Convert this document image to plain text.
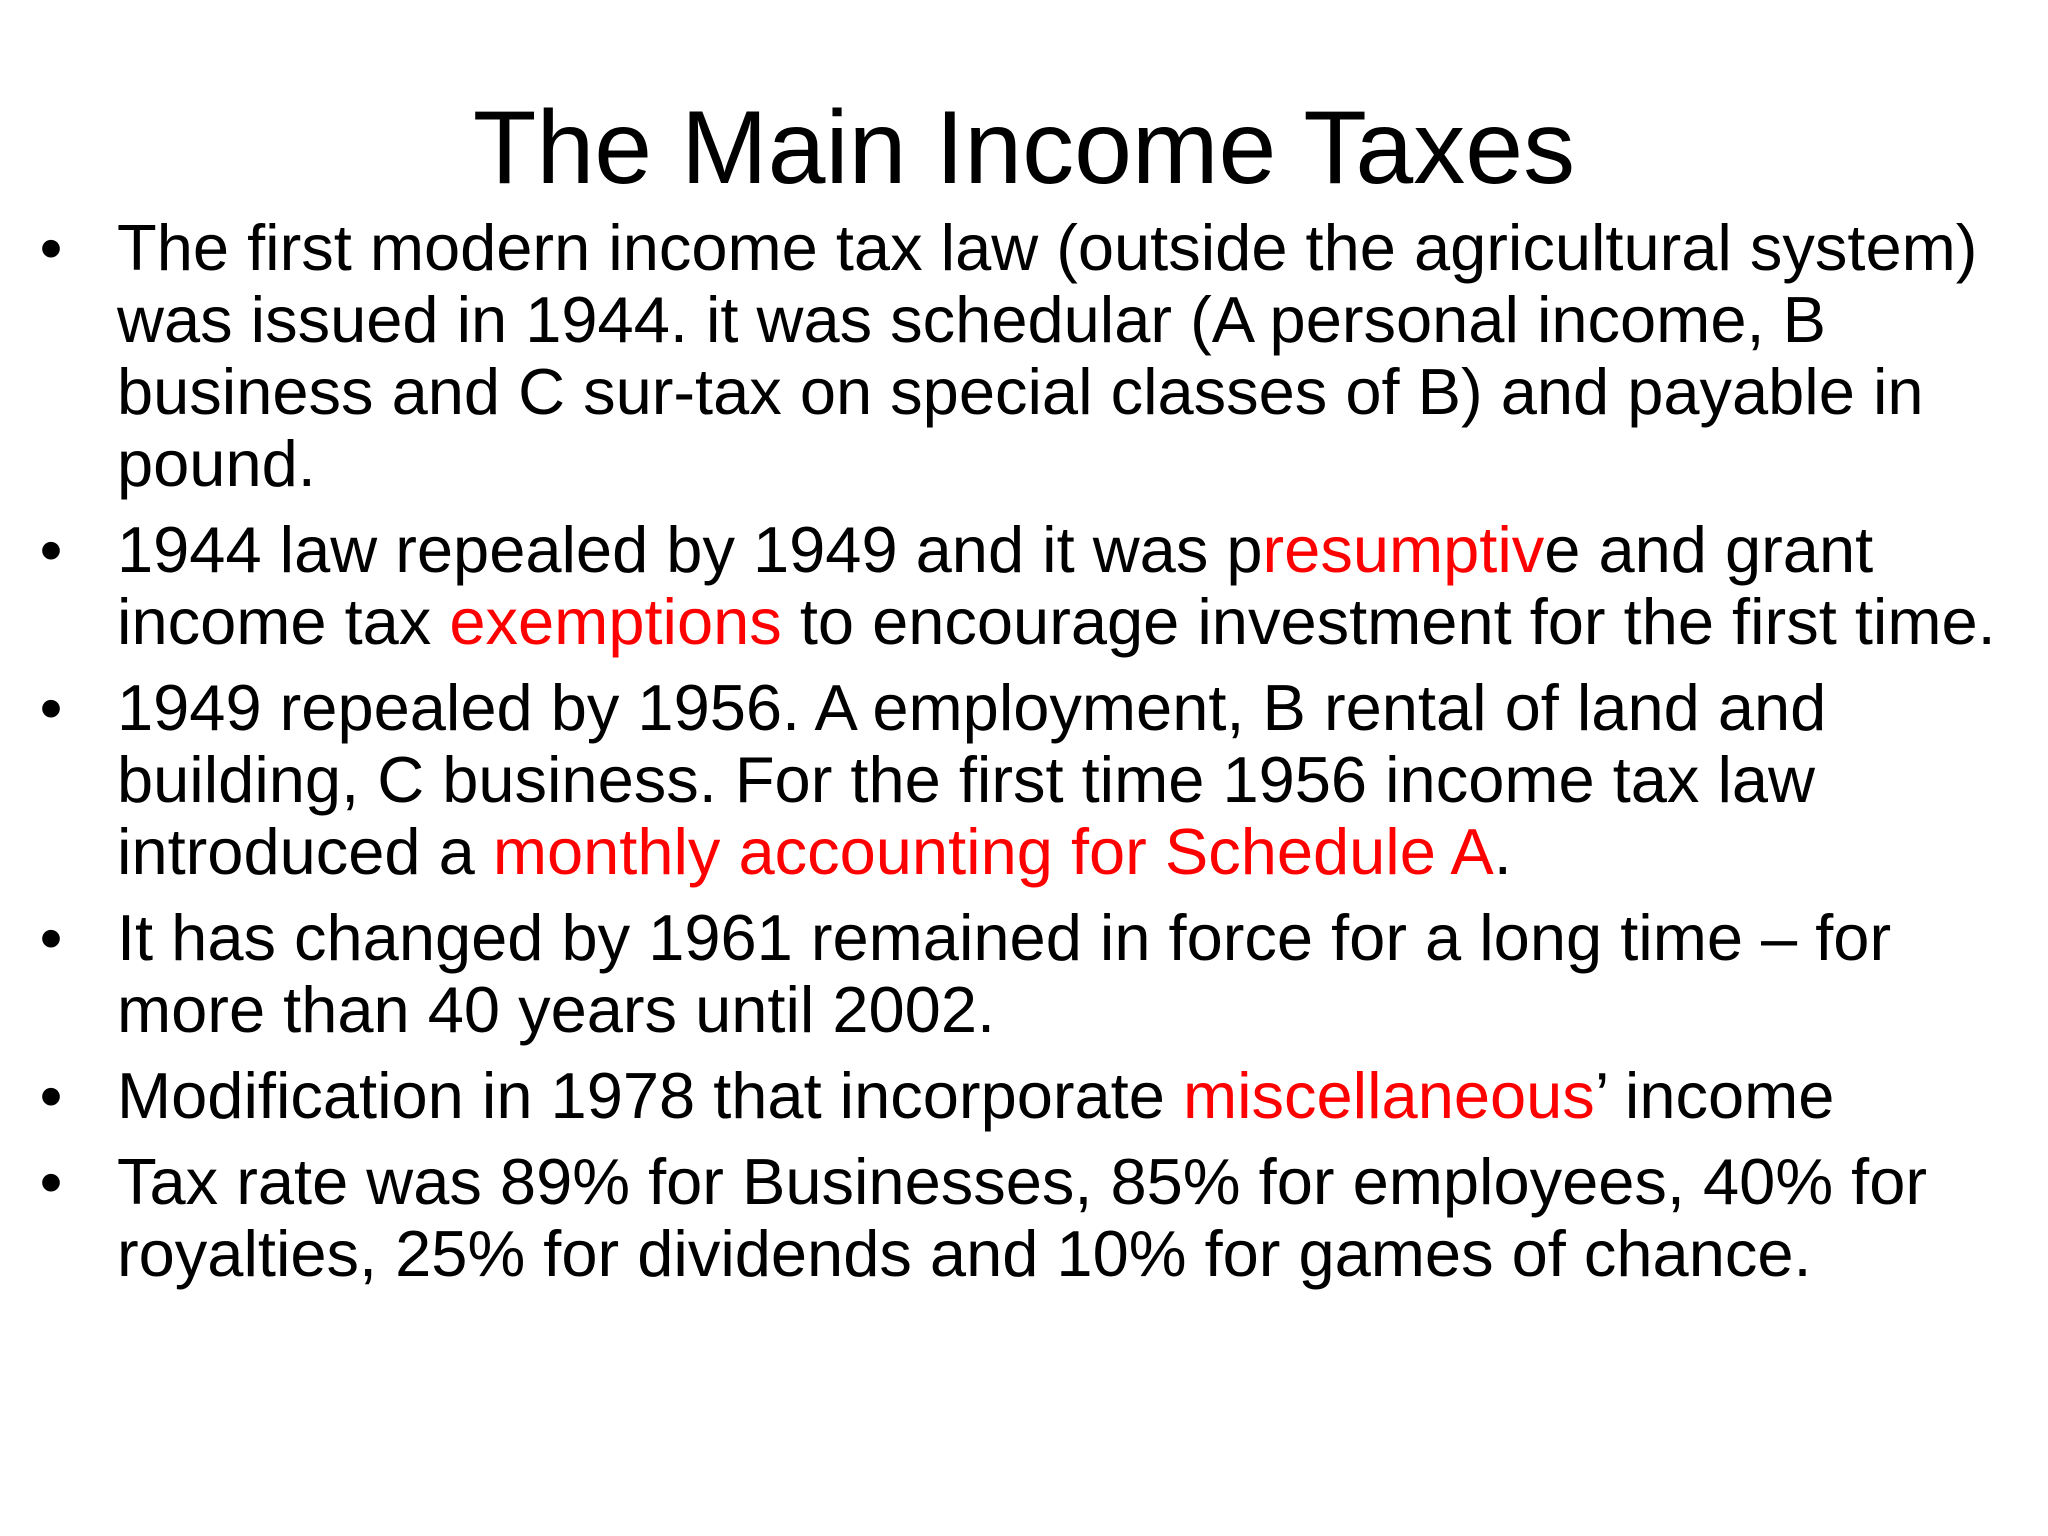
The Main Income Taxes
• The first modern income tax law (outside the agricultural system) was issued in 1944. it was schedular (A personal income, B business and C sur-tax on special classes of B) and payable in pound.
• 1944 law repealed by 1949 and it was presumptive and grant income tax exemptions to encourage investment for the first time.
• 1949 repealed by 1956. A employment, B rental of land and building, C business. For the first time 1956 income tax law introduced a monthly accounting for Schedule A.
• It has changed by 1961 remained in force for a long time – for more than 40 years until 2002.
• Modification in 1978 that incorporate miscellaneous’ income
• Tax rate was 89% for Businesses, 85% for employees, 40% for royalties, 25% for dividends and 10% for games of chance.
